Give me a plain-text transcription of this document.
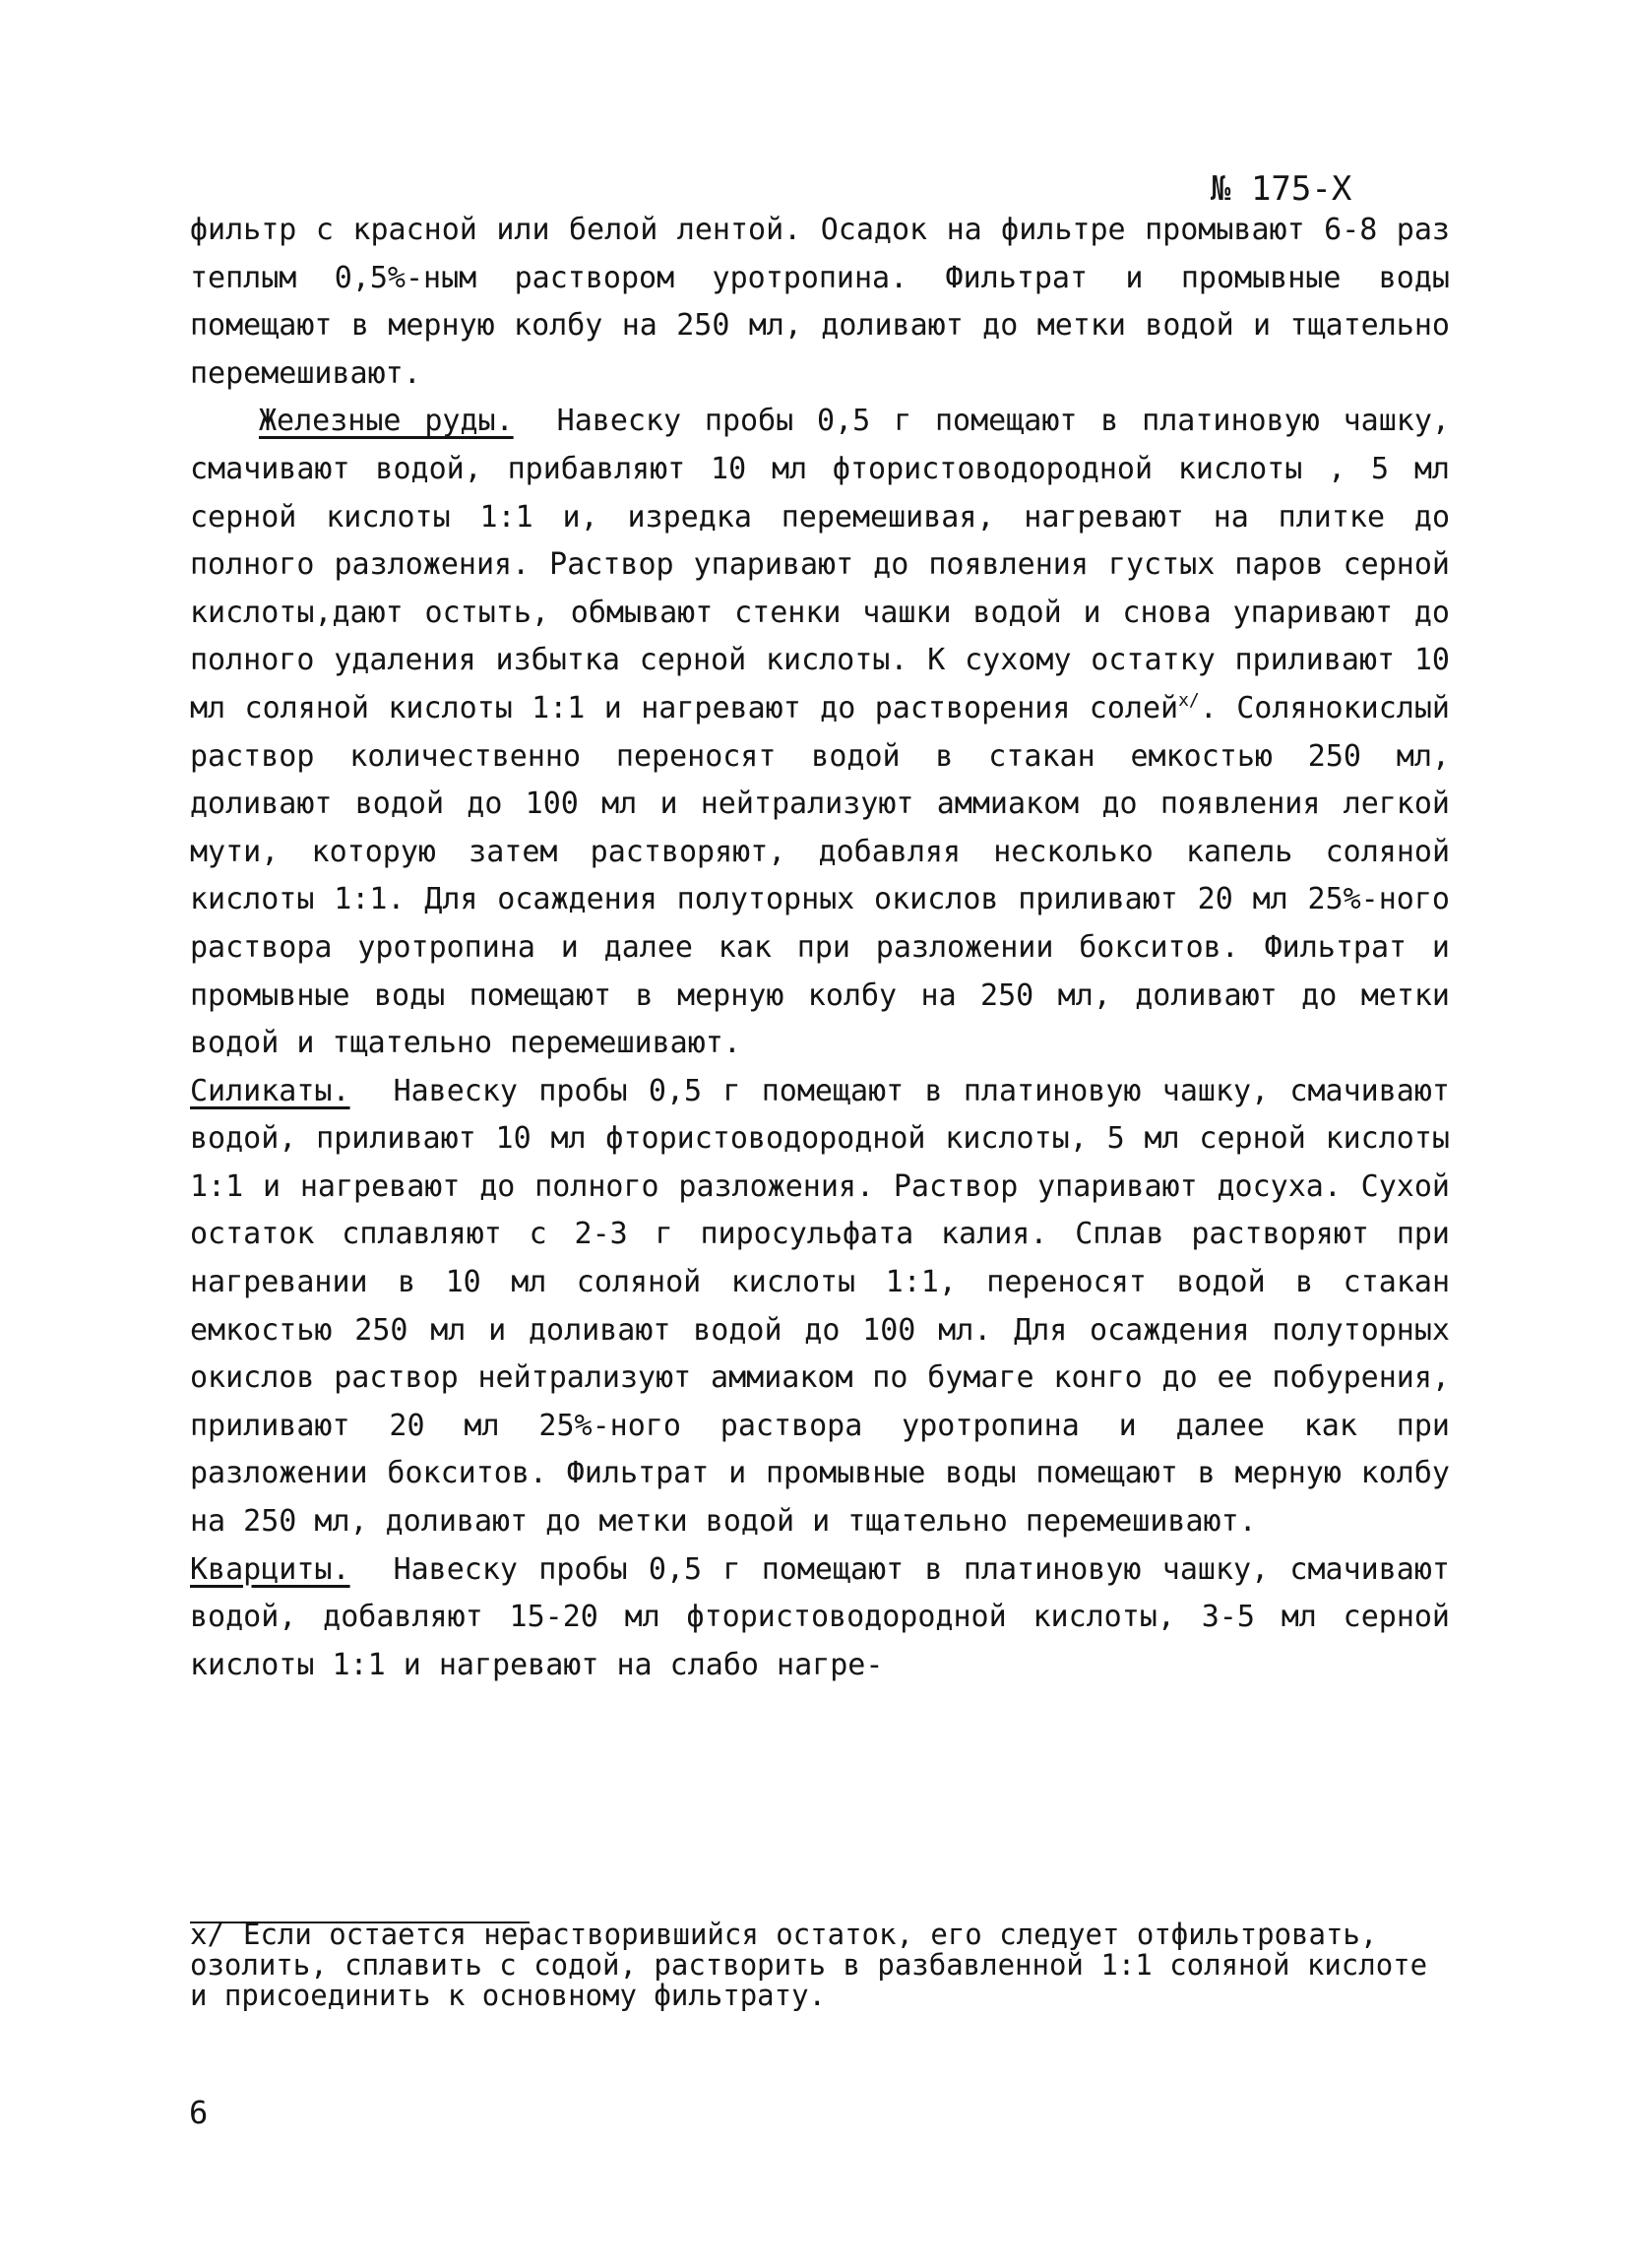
№ 175-Х

фильтр с красной или белой лентой. Осадок на фильтре промывают 6-8 раз теплым 0,5%-ным раствором уротропина. Фильтрат и промывные воды помещают в мерную колбу на 250 мл, доливают до метки водой и тщательно перемешивают.

Железные руды. Навеску пробы 0,5 г помещают в платиновую чашку, смачивают водой, прибавляют 10 мл фтористоводородной кислоты , 5 мл серной кислоты 1:1 и, изредка перемешивая, нагревают на плитке до полного разложения. Раствор упаривают до появления густых паров серной кислоты,дают остыть, обмывают стенки чашки водой и снова упаривают до полного удаления избытка серной кислоты. К сухому остатку приливают 10 мл соляной кислоты 1:1 и нагревают до растворения солей$^{x/}$. Солянокислый раствор количественно переносят водой в стакан емкостью 250 мл, доливают водой до 100 мл и нейтрализуют аммиаком до появления легкой мути, которую затем растворяют, добавляя несколько капель соляной кислоты 1:1. Для осаждения полуторных окислов приливают 20 мл 25%-ного раствора уротропина и далее как при разложении бокситов. Фильтрат и промывные воды помещают в мерную колбу на 250 мл, доливают до метки водой и тщательно перемешивают.

Силикаты. Навеску пробы 0,5 г помещают в платиновую чашку, смачивают водой, приливают 10 мл фтористоводородной кислоты, 5 мл серной кислоты 1:1 и нагревают до полного разложения. Раствор упаривают досуха. Сухой остаток сплавляют с 2-3 г пиросульфата калия. Сплав растворяют при нагревании в 10 мл соляной кислоты 1:1, переносят водой в стакан емкостью 250 мл и доливают водой до 100 мл. Для осаждения полуторных окислов раствор нейтрализуют аммиаком по бумаге конго до ее побурения, приливают 20 мл 25%-ного раствора уротропина и далее как при разложении бокситов. Фильтрат и промывные воды помещают в мерную колбу на 250 мл, доливают до метки водой и тщательно перемешивают.

Кварциты. Навеску пробы 0,5 г помещают в платиновую чашку, смачивают водой, добавляют 15-20 мл фтористоводородной кислоты, 3-5 мл серной кислоты 1:1 и нагревают на слабо нагре-

x/ Если остается нерастворившийся остаток, его следует отфильтровать, озолить, сплавить с содой, растворить в разбавленной 1:1 соляной кислоте и присоединить к основному фильтрату.
6
